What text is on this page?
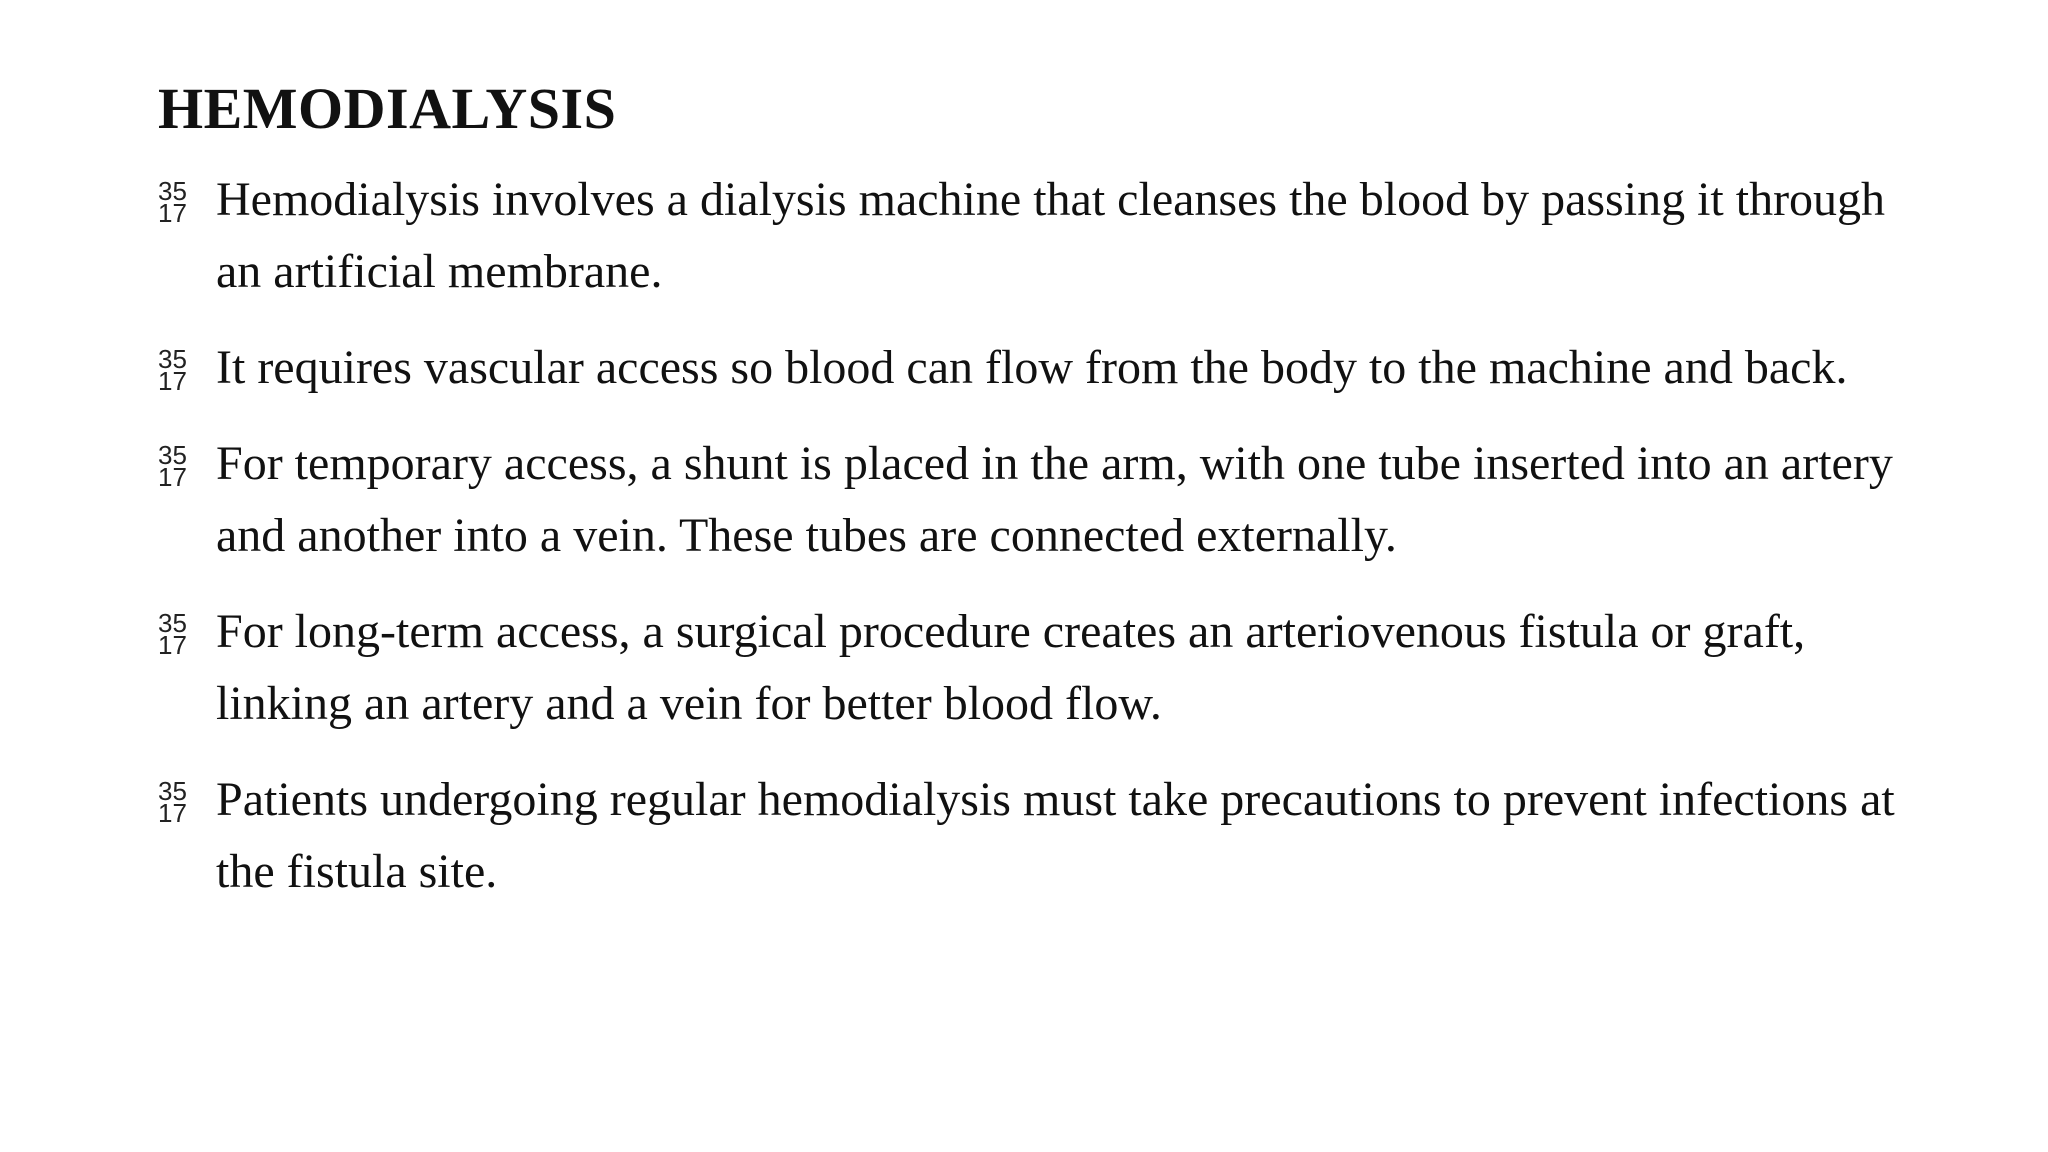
HEMODIALYSIS
35
17 Hemodialysis involves a dialysis machine that cleanses the blood by passing it through an artificial membrane.
35
17 It requires vascular access so blood can flow from the body to the machine and back.
35
17 For temporary access, a shunt is placed in the arm, with one tube inserted into an artery and another into a vein. These tubes are connected externally.
35
17 For long-term access, a surgical procedure creates an arteriovenous fistula or graft, linking an artery and a vein for better blood flow.
35
17 Patients undergoing regular hemodialysis must take precautions to prevent infections at the fistula site.
